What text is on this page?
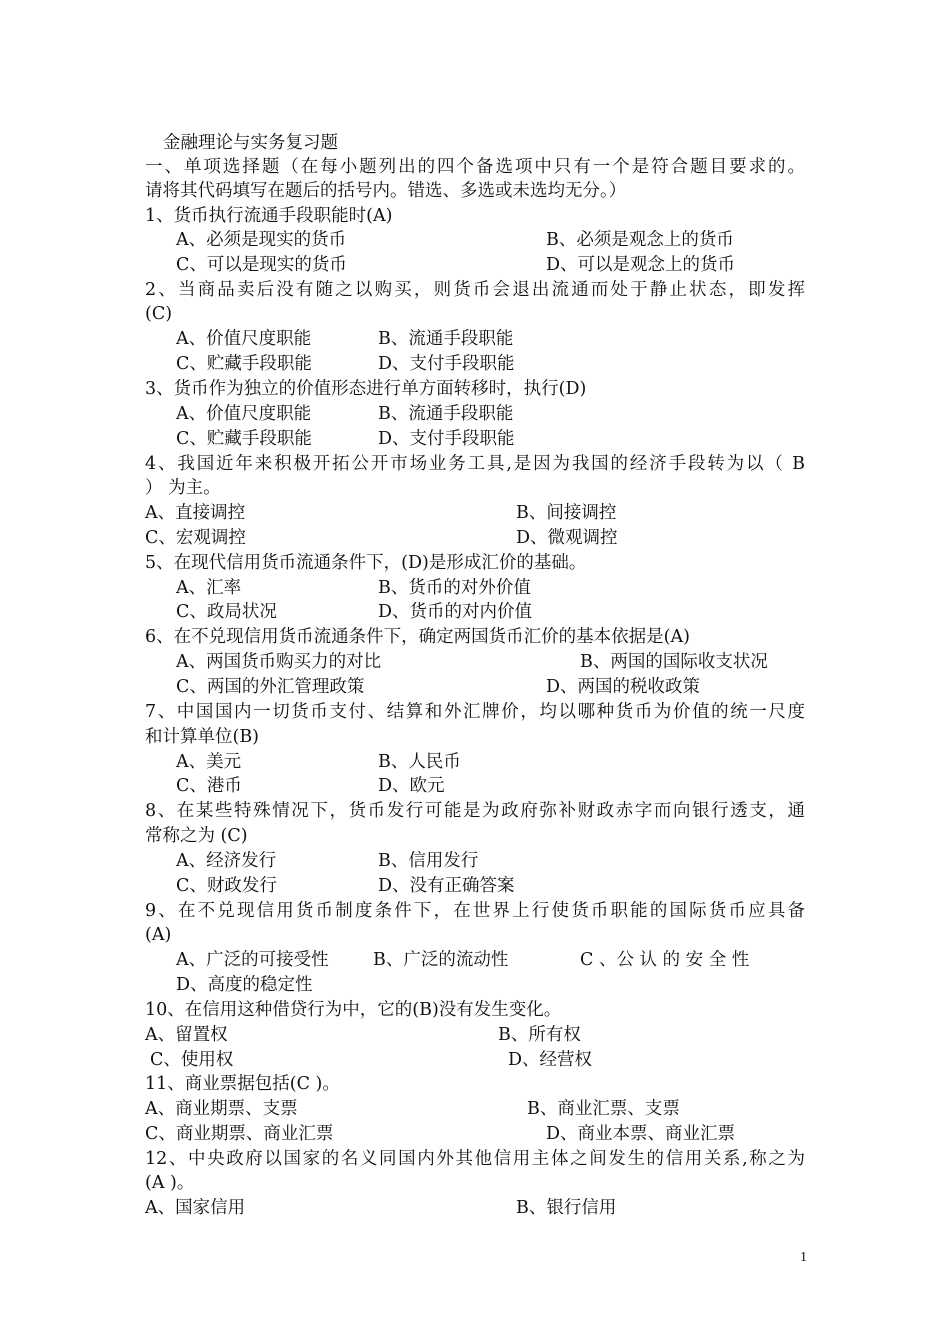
金融理论与实务复习题
一、单项选择题（在每小题列出的四个备选项中只有一个是符合题目要求的。
请将其代码填写在题后的括号内。错选、多选或未选均无分。）
1、货币执行流通手段职能时(A)
A、必须是现实的货币	B、必须是观念上的货币
C、可以是现实的货币	D、可以是观念上的货币
2、当商品卖后没有随之以购买，则货币会退出流通而处于静止状态，即发挥
(C)
A、价值尺度职能	B、流通手段职能
C、贮藏手段职能	D、支付手段职能
3、货币作为独立的价值形态进行单方面转移时，执行(D)
A、价值尺度职能	B、流通手段职能
C、贮藏手段职能	D、支付手段职能
4、我国近年来积极开拓公开市场业务工具,是因为我国的经济手段转为以（ B
） 为主。
A、直接调控	B、间接调控
C、宏观调控	D、微观调控
5、在现代信用货币流通条件下，(D)是形成汇价的基础。
A、汇率	B、货币的对外价值
C、政局状况	D、货币的对内价值
6、在不兑现信用货币流通条件下，确定两国货币汇价的基本依据是(A)
A、两国货币购买力的对比	B、两国的国际收支状况
C、两国的外汇管理政策	D、两国的税收政策
7、中国国内一切货币支付、结算和外汇牌价，均以哪种货币为价值的统一尺度
和计算单位(B)
A、美元	B、人民币
C、港币	D、欧元
8、在某些特殊情况下，货币发行可能是为政府弥补财政赤字而向银行透支，通
常称之为 (C)
A、经济发行	B、信用发行
C、财政发行	D、没有正确答案
9、在不兑现信用货币制度条件下，在世界上行使货币职能的国际货币应具备
(A)
A、广泛的可接受性	B、广泛的流动性	C 、公 认 的 安 全 性
D、高度的稳定性
10、在信用这种借贷行为中，它的(B)没有发生变化。
A、留置权	B、所有权
C、使用权	D、经营权
11、商业票据包括(C )。
A、商业期票、支票	B、商业汇票、支票
C、商业期票、商业汇票	D、商业本票、商业汇票
12、中央政府以国家的名义同国内外其他信用主体之间发生的信用关系,称之为
(A )。
A、国家信用	B、银行信用
1
